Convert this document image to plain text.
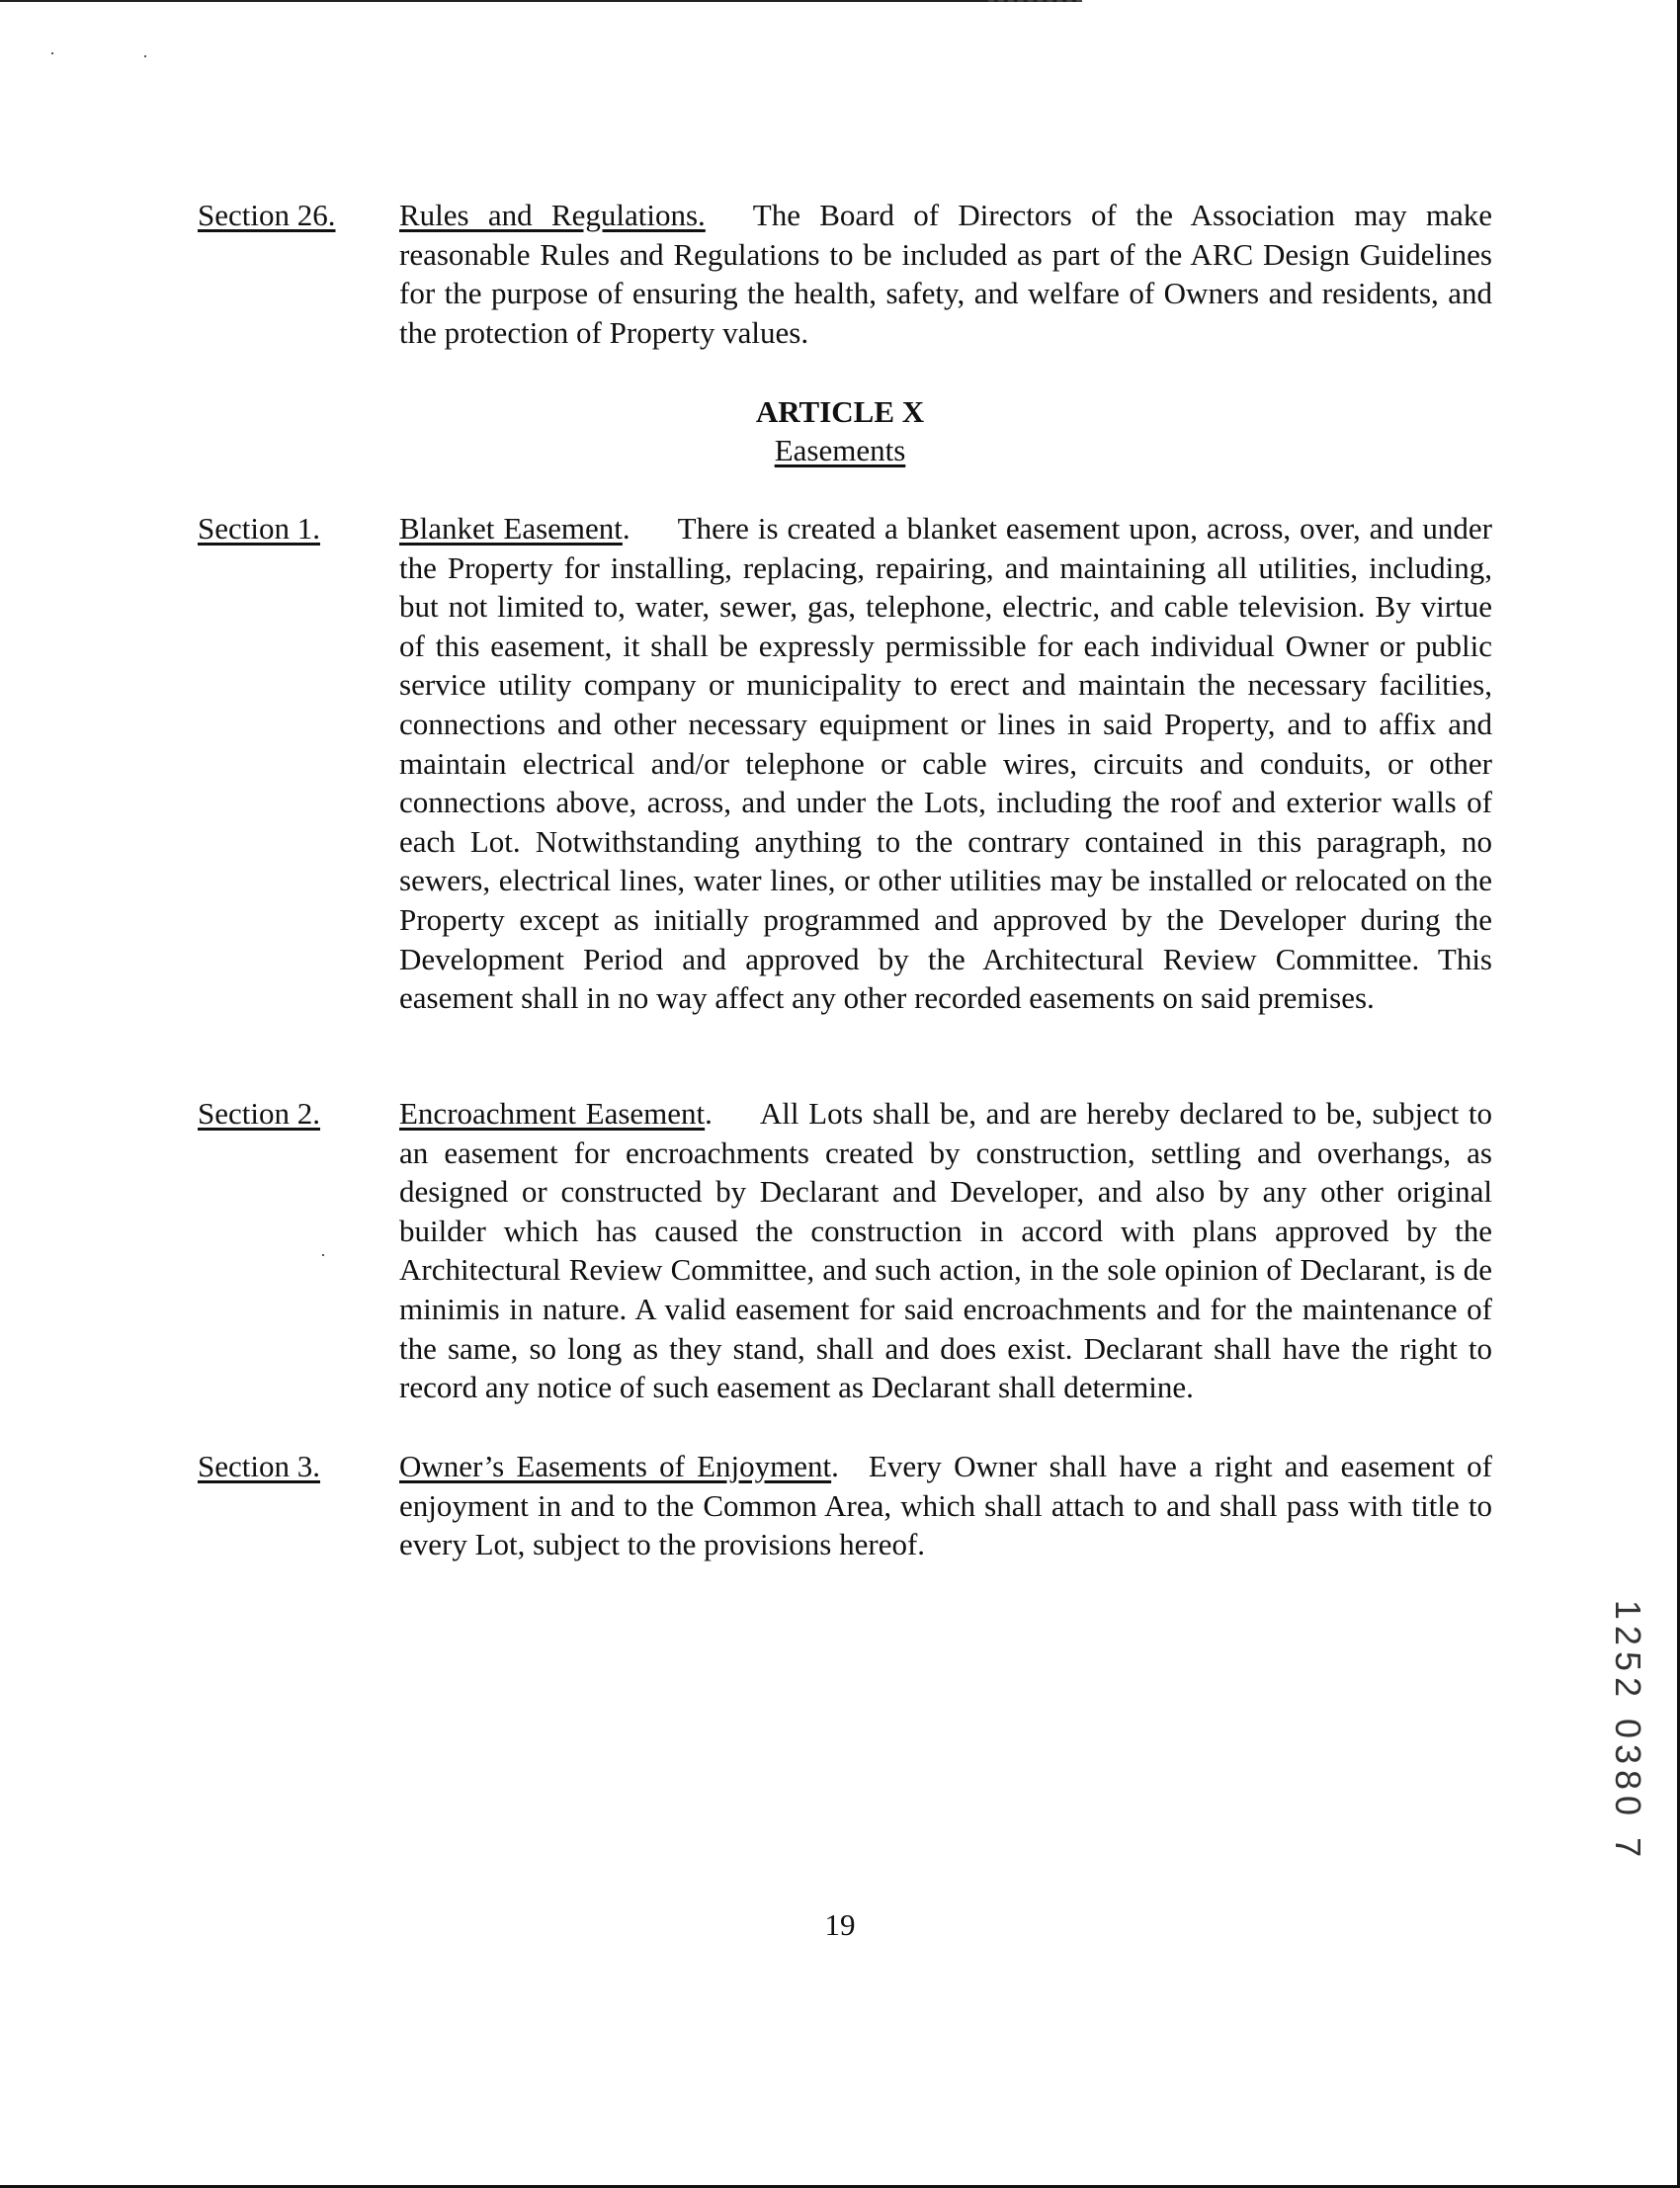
Section 26. Rules and Regulations. The Board of Directors of the Association may make reasonable Rules and Regulations to be included as part of the ARC Design Guidelines for the purpose of ensuring the health, safety, and welfare of Owners and residents, and the protection of Property values.
ARTICLE X
Easements
Section 1.	Blanket Easement. There is created a blanket easement upon, across, over, and under the Property for installing, replacing, repairing, and maintaining all utilities, including, but not limited to, water, sewer, gas, telephone, electric, and cable television. By virtue of this easement, it shall be expressly permissible for each individual Owner or public service utility company or municipality to erect and maintain the necessary facilities, connections and other necessary equipment or lines in said Property, and to affix and maintain electrical and/or telephone or cable wires, circuits and conduits, or other connections above, across, and under the Lots, including the roof and exterior walls of each Lot. Notwithstanding anything to the contrary contained in this paragraph, no sewers, electrical lines, water lines, or other utilities may be installed or relocated on the Property except as initially programmed and approved by the Developer during the Development Period and approved by the Architectural Review Committee. This easement shall in no way affect any other recorded easements on said premises.
Section 2.	Encroachment Easement. All Lots shall be, and are hereby declared to be, subject to an easement for encroachments created by construction, settling and overhangs, as designed or constructed by Declarant and Developer, and also by any other original builder which has caused the construction in accord with plans approved by the Architectural Review Committee, and such action, in the sole opinion of Declarant, is de minimis in nature. A valid easement for said encroachments and for the maintenance of the same, so long as they stand, shall and does exist. Declarant shall have the right to record any notice of such easement as Declarant shall determine.
Section 3.	Owner’s Easements of Enjoyment. Every Owner shall have a right and easement of enjoyment in and to the Common Area, which shall attach to and shall pass with title to every Lot, subject to the provisions hereof.
19
1252 0380 7
